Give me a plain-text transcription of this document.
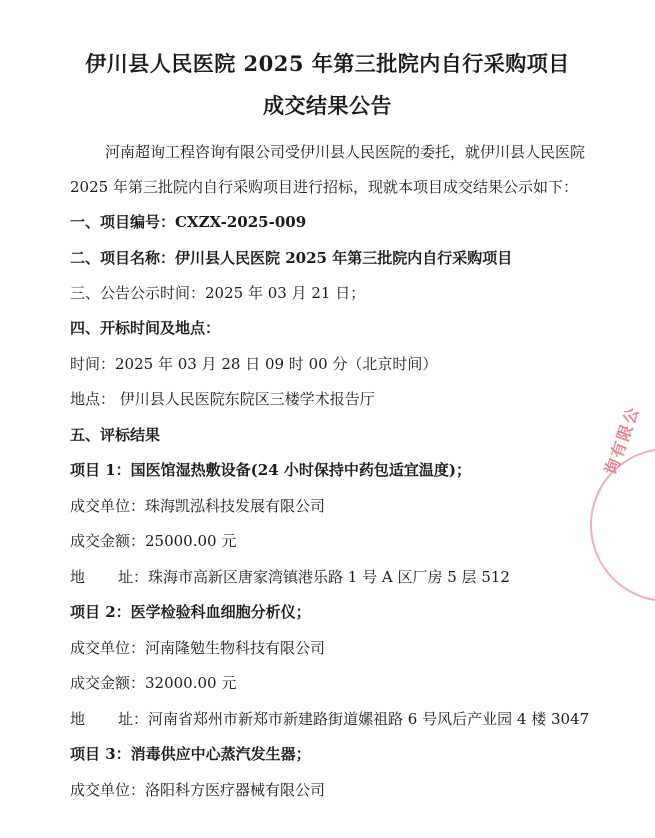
伊川县人民医院 2025 年第三批院内自行采购项目
成交结果公告
河南超询工程咨询有限公司受伊川县人民医院的委托，就伊川县人民医院
2025 年第三批院内自行采购项目进行招标，现就本项目成交结果公示如下：
一、项目编号：CXZX-2025-009
二、项目名称：伊川县人民医院 2025 年第三批院内自行采购项目
三、公告公示时间：2025 年 03 月 21 日；
四、开标时间及地点：
时间：2025 年 03 月 28 日 09 时 00 分（北京时间）
地点： 伊川县人民医院东院区三楼学术报告厅
五、评标结果
项目 1：国医馆湿热敷设备(24 小时保持中药包适宜温度)；
成交单位：珠海凯泓科技发展有限公司
成交金额：25000.00 元
地 址：珠海市高新区唐家湾镇港乐路 1 号 A 区厂房 5 层 512
项目 2：医学检验科血细胞分析仪；
成交单位：河南隆勉生物科技有限公司
成交金额：32000.00 元
地 址：河南省郑州市新郑市新建路街道嫘祖路 6 号风后产业园 4 楼 3047
项目 3：消毒供应中心蒸汽发生器；
成交单位：洛阳科方医疗器械有限公司
询有限公
